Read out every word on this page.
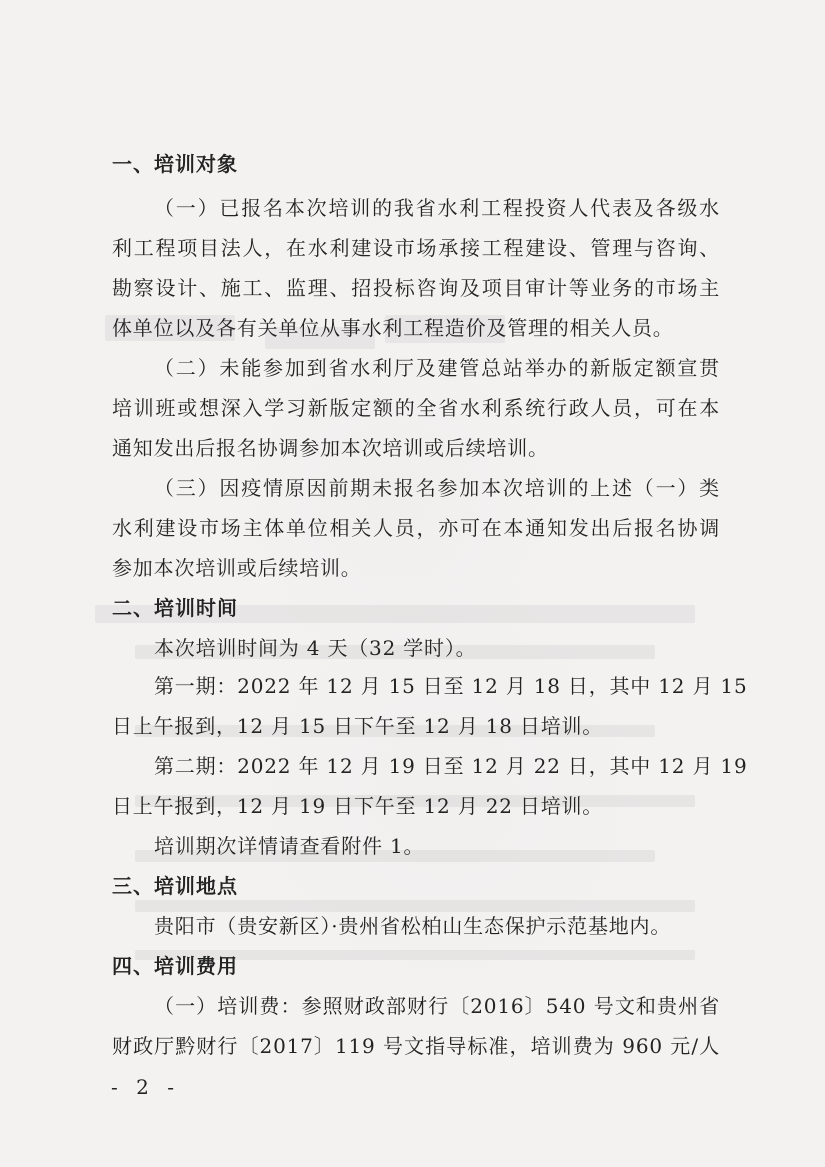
一、培训对象
（一）已报名本次培训的我省水利工程投资人代表及各级水
利工程项目法人，在水利建设市场承接工程建设、管理与咨询、
勘察设计、施工、监理、招投标咨询及项目审计等业务的市场主
体单位以及各有关单位从事水利工程造价及管理的相关人员。
（二）未能参加到省水利厅及建管总站举办的新版定额宣贯
培训班或想深入学习新版定额的全省水利系统行政人员，可在本
通知发出后报名协调参加本次培训或后续培训。
（三）因疫情原因前期未报名参加本次培训的上述（一）类
水利建设市场主体单位相关人员，亦可在本通知发出后报名协调
参加本次培训或后续培训。
二、培训时间
本次培训时间为 4 天（32 学时）。
第一期：2022 年 12 月 15 日至 12 月 18 日，其中 12 月 15
日上午报到，12 月 15 日下午至 12 月 18 日培训。
第二期：2022 年 12 月 19 日至 12 月 22 日，其中 12 月 19
日上午报到，12 月 19 日下午至 12 月 22 日培训。
培训期次详情请查看附件 1。
三、培训地点
贵阳市（贵安新区）·贵州省松柏山生态保护示范基地内。
四、培训费用
（一）培训费：参照财政部财行〔2016〕540 号文和贵州省
财政厅黔财行〔2017〕119 号文指导标准，培训费为 960 元/人
- 2 -
